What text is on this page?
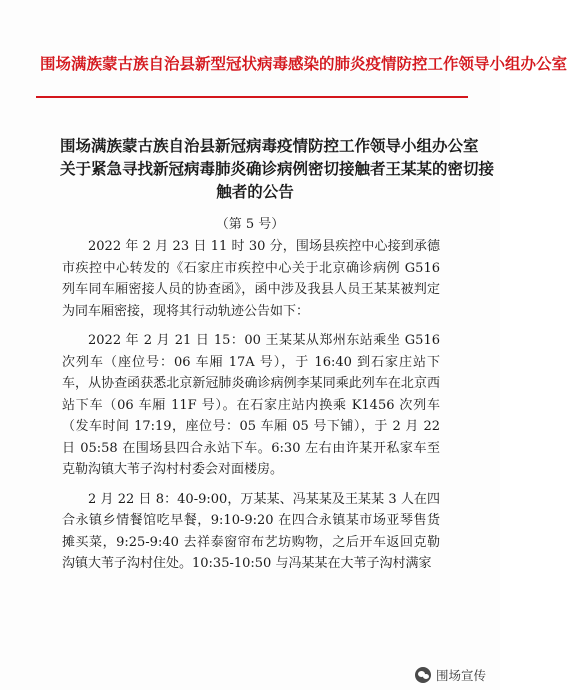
围场满族蒙古族自治县新型冠状病毒感染的肺炎疫情防控工作领导小组办公室
围场满族蒙古族自治县新冠病毒疫情防控工作领导小组办公室
关于紧急寻找新冠病毒肺炎确诊病例密切接触者王某某的密切接
触者的公告
（第 5 号）

2022 年 2 月 23 日 11 时 30 分，围场县疾控中心接到承德市疾控中心转发的《石家庄市疾控中心关于北京确诊病例 G516 列车同车厢密接人员的协查函》，函中涉及我县人员王某某被判定为同车厢密接，现将其行动轨迹公告如下：

2022 年 2 月 21 日 15：00 王某某从郑州东站乘坐 G516 次列车（座位号：06 车厢 17A 号），于 16:40 到石家庄站下车，从协查函获悉北京新冠肺炎确诊病例李某同乘此列车在北京西站下车（06 车厢 11F 号）。在石家庄站内换乘 K1456 次列车（发车时间 17:19，座位号：05 车厢 05 号下铺），于 2 月 22 日 05:58 在围场县四合永站下车。6:30 左右由许某开私家车至克勒沟镇大苇子沟村村委会对面楼房。

2 月 22 日 8：40-9:00，万某某、冯某某及王某某 3 人在四合永镇乡情餐馆吃早餐，9:10-9:20 在四合永镇某市场亚琴售货摊买菜，9:25-9:40 去祥泰窗帘布艺坊购物，之后开车返回克勒沟镇大苇子沟村住处。10:35-10:50 与冯某某在大苇子沟村满家

围场宣传
